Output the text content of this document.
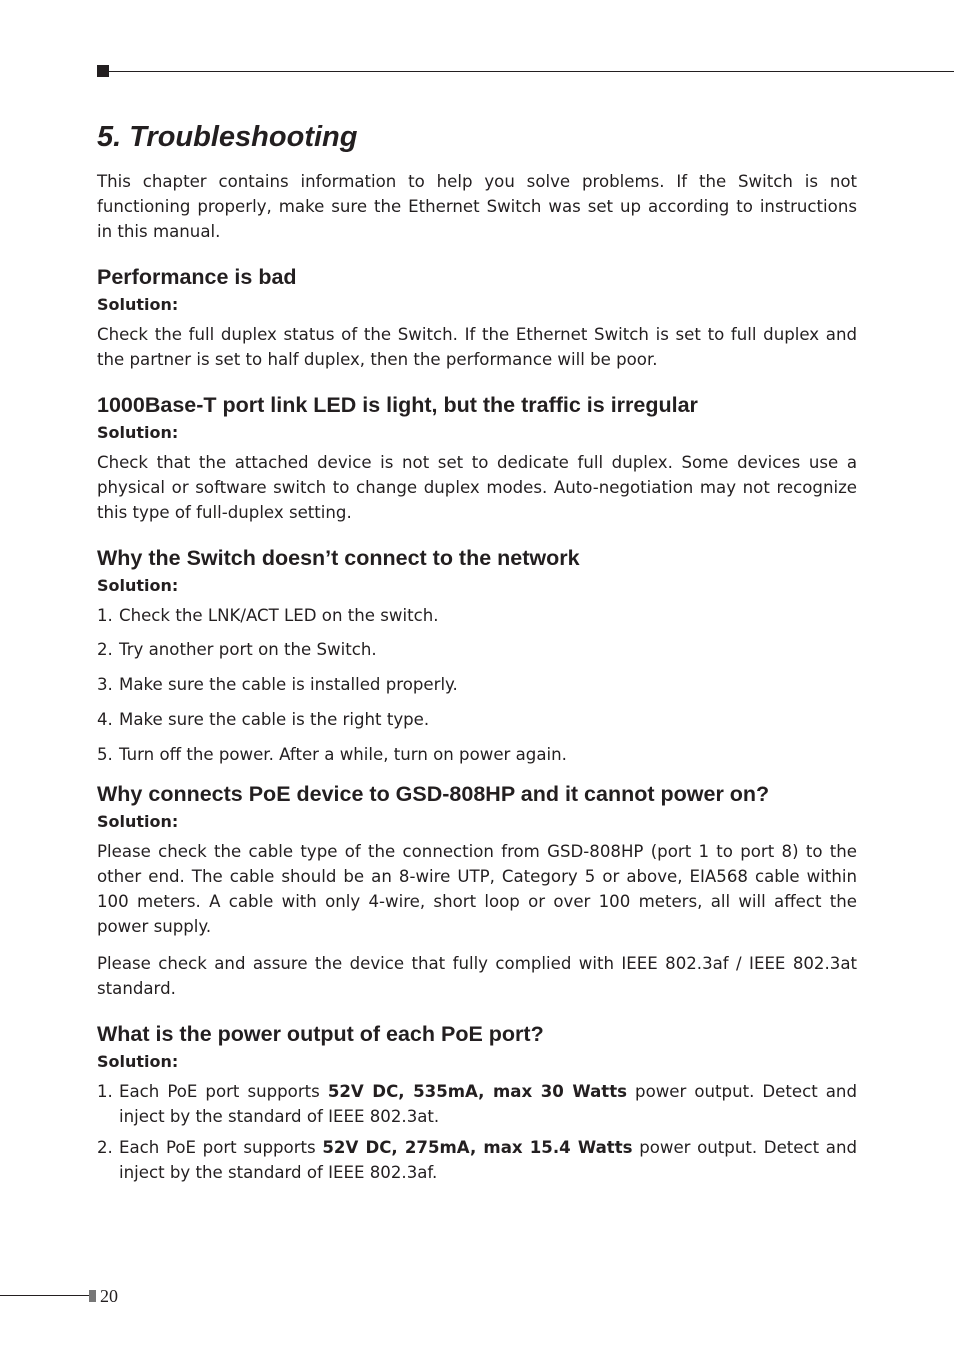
5. Troubleshooting

This chapter contains information to help you solve problems. If the Switch is not functioning properly, make sure the Ethernet Switch was set up according to instructions in this manual.

Performance is bad
Solution:

Check the full duplex status of the Switch. If the Ethernet Switch is set to full duplex and the partner is set to half duplex, then the performance will be poor.

1000Base-T port link LED is light, but the traffic is irregular
Solution:

Check that the attached device is not set to dedicate full duplex. Some devices use a physical or software switch to change duplex modes. Auto-negotiation may not recognize this type of full-duplex setting.

Why the Switch doesn’t connect to the network
Solution:
1. Check the LNK/ACT LED on the switch.
2. Try another port on the Switch.
3. Make sure the cable is installed properly.
4. Make sure the cable is the right type.
5. Turn off the power. After a while, turn on power again.
Why connects PoE device to GSD-808HP and it cannot power on?
Solution:

Please check the cable type of the connection from GSD-808HP (port 1 to port 8) to the other end. The cable should be an 8-wire UTP, Category 5 or above, EIA568 cable within 100 meters. A cable with only 4-wire, short loop or over 100 meters, all will affect the power supply.

Please check and assure the device that fully complied with IEEE 802.3af / IEEE 802.3at standard.

What is the power output of each PoE port?
Solution:
1. Each PoE port supports 52V DC, 535mA, max 30 Watts power output. Detect and inject by the standard of IEEE 802.3at.
2. Each PoE port supports 52V DC, 275mA, max 15.4 Watts power output. Detect and inject by the standard of IEEE 802.3af.
20
